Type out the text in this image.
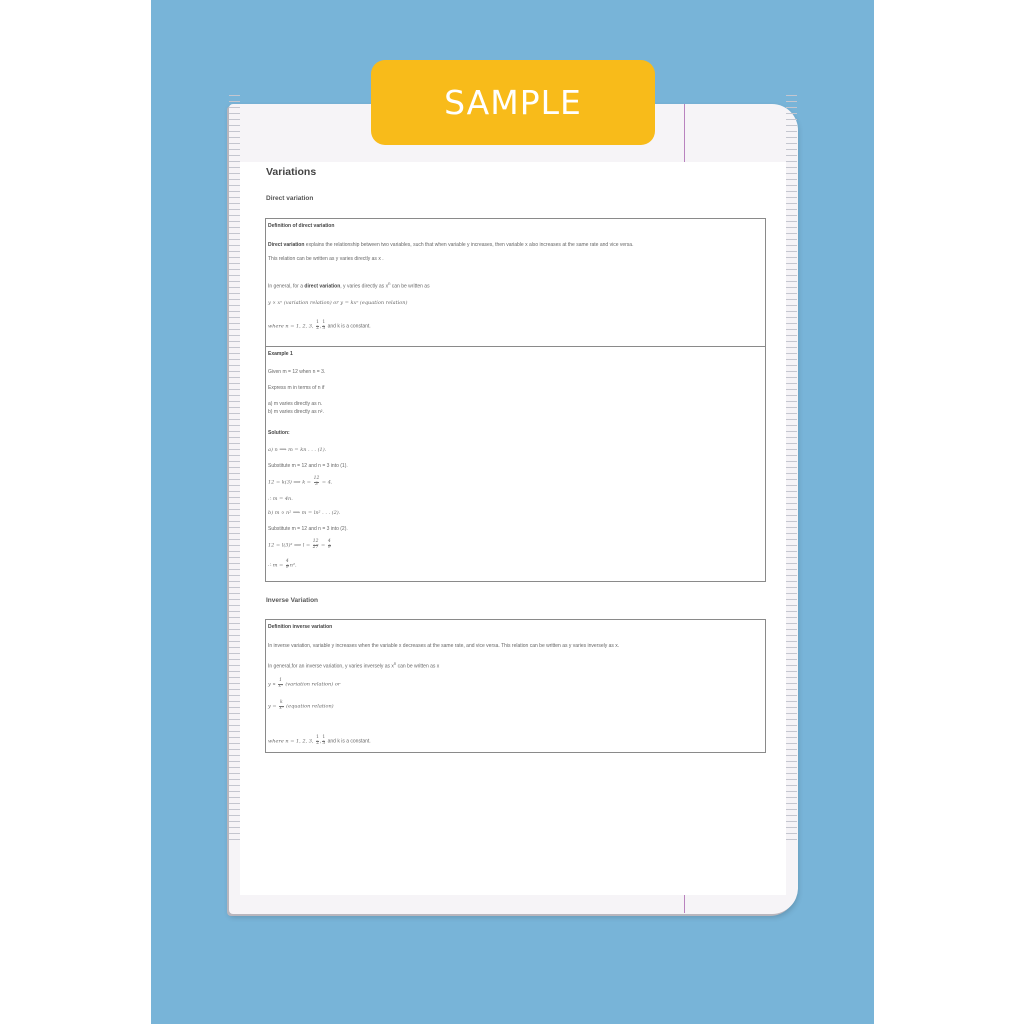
Variations
Direct variation
Definition of direct variation
Direct variation explains the relationship between two variables, such that when variable y increases, then variable x also increases at the same rate and vice versa.
This relation can be written as y varies directly as x .
In general, for a direct variation, y varies directly as $x^n$ can be written as
y ∝ xⁿ (variation relation) or y = kxⁿ (equation relation)
where n = 1, 2, 3, $\frac{1}{2}$ , $\frac{1}{3}$ and k is a constant.
Example 1
Given m = 12 when n = 3.
Express m in terms of n if
a) m varies directly as n.
b) m varies directly as n².
Solution:
a) n ⟹ m = kn . . . (1).
Substitute m = 12 and n = 3 into (1).
12 = k(3) ⟹ $k = \frac{12}{3} = 4$.
∴ m = 4n.
b) m ∝ n² ⟹ m = ln² . . . (2).
Substitute m = 12 and n = 3 into (2).
12 = l(3)² ⟹ $l = \frac{12}{27} = \frac{4}{9}$
∴ $m = \frac{4}{9} n^2$.
Inverse Variation
Definition inverse variation
In inverse variation, variable y increases when the variable x decreases at the same rate, and vice versa. This relation can be written as y varies inversely as x.
In general,for an inverse variation, y varies inversely as $x^n$ can be written as x
$y \propto \frac{1}{\text{xⁿ}}$ (variation relation) or
$y = \frac{k}{\text{xⁿ}}$ (equation relation)
where n = 1, 2, 3, $\frac{1}{2}$ , $\frac{1}{3}$ and k is a constant.
SAMPLE
